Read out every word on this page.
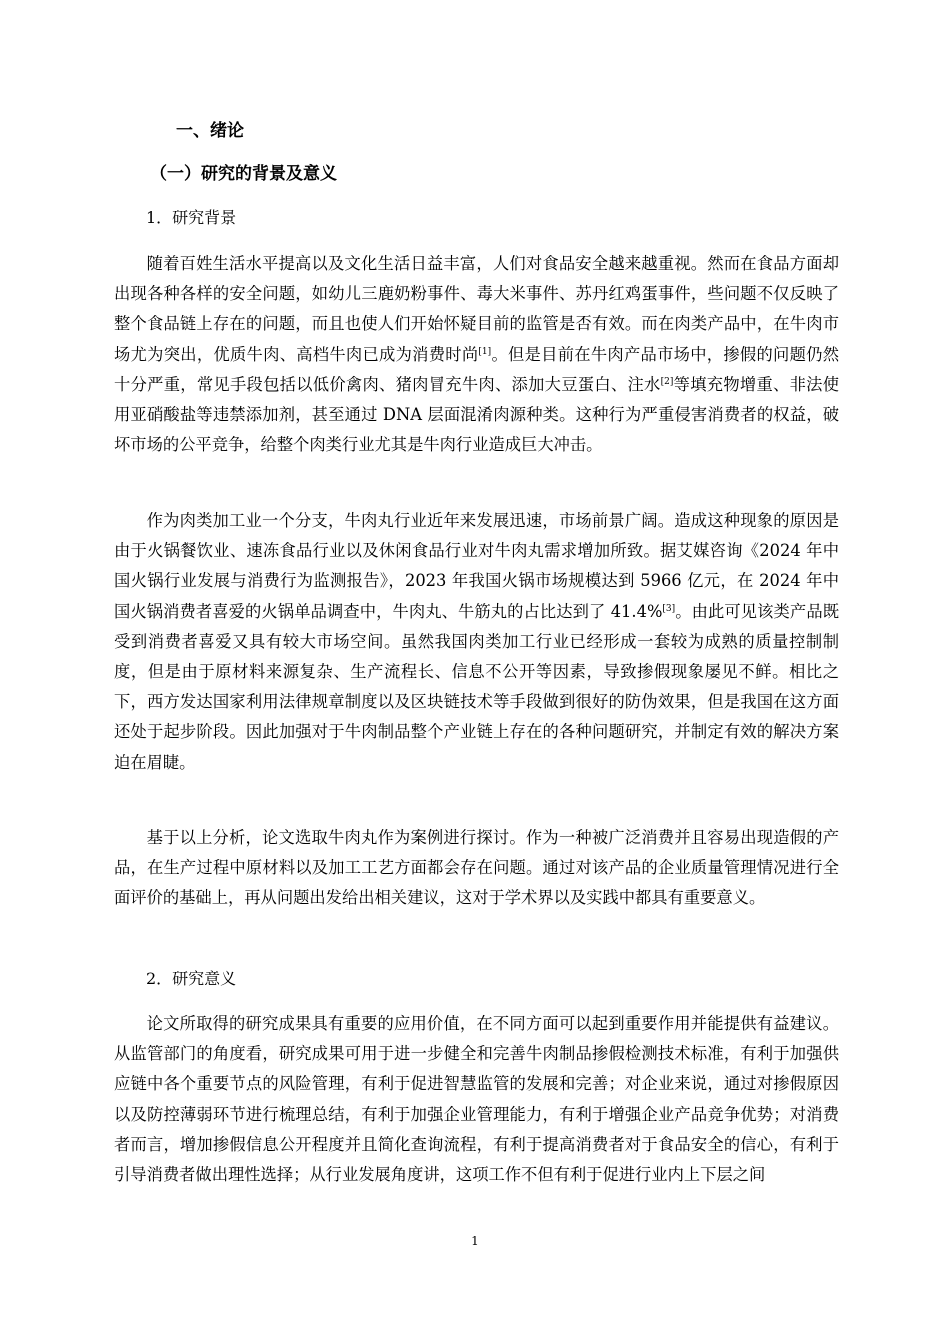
一、绪论
（一）研究的背景及意义
1．研究背景

随着百姓生活水平提高以及文化生活日益丰富，人们对食品安全越来越重视。然而在食品方面却出现各种各样的安全问题，如幼儿三鹿奶粉事件、毒大米事件、苏丹红鸡蛋事件，些问题不仅反映了整个食品链上存在的问题，而且也使人们开始怀疑目前的监管是否有效。而在肉类产品中，在牛肉市场尤为突出，优质牛肉、高档牛肉已成为消费时尚[1]。但是目前在牛肉产品市场中，掺假的问题仍然十分严重，常见手段包括以低价禽肉、猪肉冒充牛肉、添加大豆蛋白、注水[2]等填充物增重、非法使用亚硝酸盐等违禁添加剂，甚至通过 DNA 层面混淆肉源种类。这种行为严重侵害消费者的权益，破坏市场的公平竞争，给整个肉类行业尤其是牛肉行业造成巨大冲击。

作为肉类加工业一个分支，牛肉丸行业近年来发展迅速，市场前景广阔。造成这种现象的原因是由于火锅餐饮业、速冻食品行业以及休闲食品行业对牛肉丸需求增加所致。据艾媒咨询《2024 年中国火锅行业发展与消费行为监测报告》，2023 年我国火锅市场规模达到 5966 亿元，在 2024 年中国火锅消费者喜爱的火锅单品调查中，牛肉丸、牛筋丸的占比达到了 41.4%[3]。由此可见该类产品既受到消费者喜爱又具有较大市场空间。虽然我国肉类加工行业已经形成一套较为成熟的质量控制制度，但是由于原材料来源复杂、生产流程长、信息不公开等因素，导致掺假现象屡见不鲜。相比之下，西方发达国家利用法律规章制度以及区块链技术等手段做到很好的防伪效果，但是我国在这方面还处于起步阶段。因此加强对于牛肉制品整个产业链上存在的各种问题研究，并制定有效的解决方案迫在眉睫。

基于以上分析，论文选取牛肉丸作为案例进行探讨。作为一种被广泛消费并且容易出现造假的产品，在生产过程中原材料以及加工工艺方面都会存在问题。通过对该产品的企业质量管理情况进行全面评价的基础上，再从问题出发给出相关建议，这对于学术界以及实践中都具有重要意义。

2．研究意义

论文所取得的研究成果具有重要的应用价值，在不同方面可以起到重要作用并能提供有益建议。从监管部门的角度看，研究成果可用于进一步健全和完善牛肉制品掺假检测技术标准，有利于加强供应链中各个重要节点的风险管理，有利于促进智慧监管的发展和完善；对企业来说，通过对掺假原因以及防控薄弱环节进行梳理总结，有利于加强企业管理能力，有利于增强企业产品竞争优势；对消费者而言，增加掺假信息公开程度并且简化查询流程，有利于提高消费者对于食品安全的信心，有利于引导消费者做出理性选择；从行业发展角度讲，这项工作不但有利于促进行业内上下层之间

1
